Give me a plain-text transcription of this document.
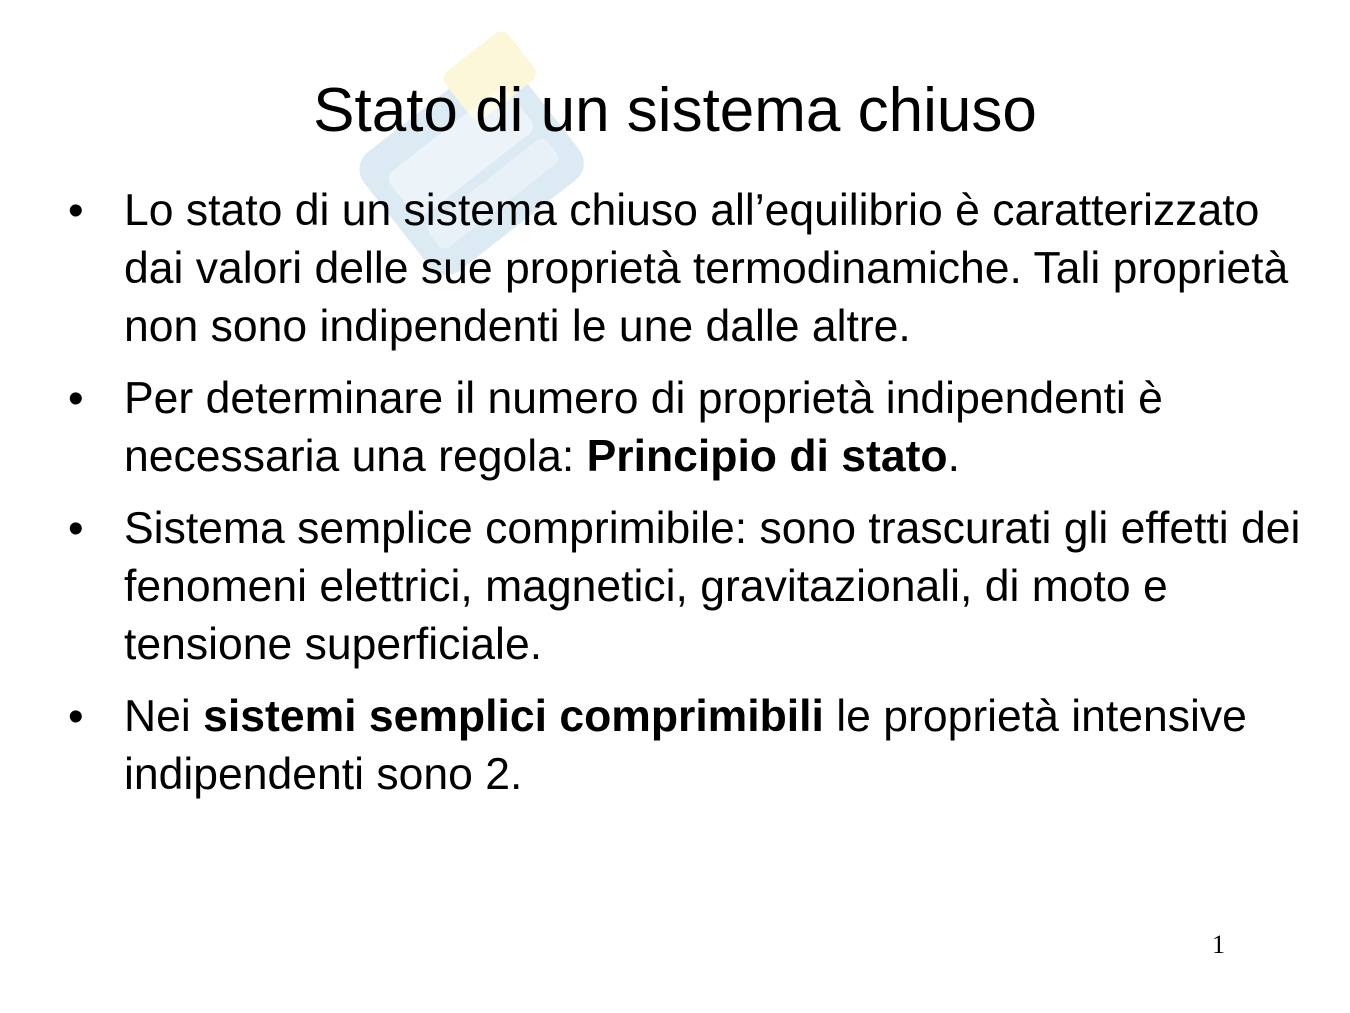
Stato di un sistema chiuso
• Lo stato di un sistema chiuso all’equilibrio è caratterizzato dai valori delle sue proprietà termodinamiche. Tali proprietà non sono indipendenti le une dalle altre.
• Per determinare il numero di proprietà indipendenti è necessaria una regola: Principio di stato.
• Sistema semplice comprimibile: sono trascurati gli effetti dei fenomeni elettrici, magnetici, gravitazionali, di moto e tensione superficiale.
• Nei sistemi semplici comprimibili le proprietà intensive indipendenti sono 2.
1
